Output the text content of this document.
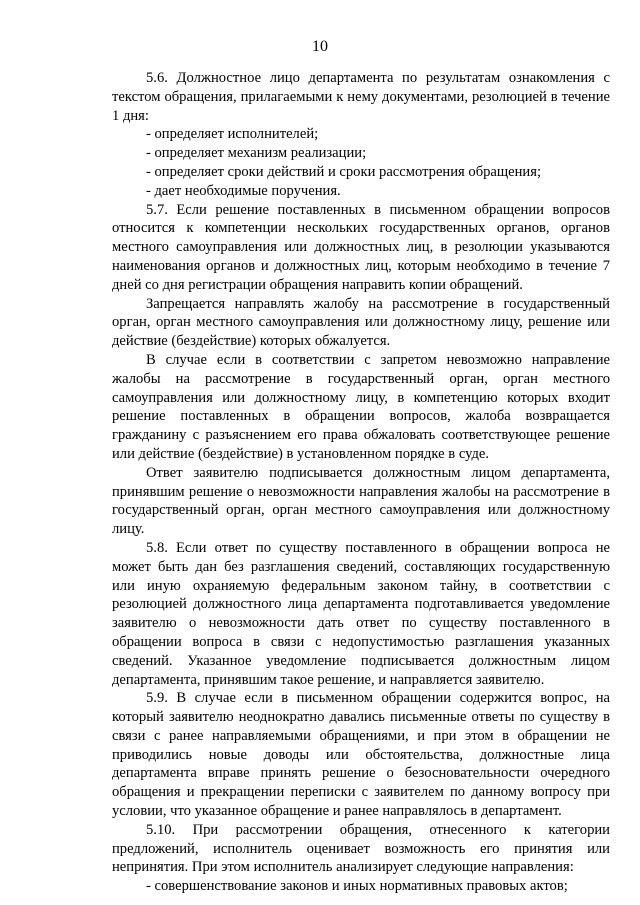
10

5.6. Должностное лицо департамента по результатам ознакомления с текстом обращения, прилагаемыми к нему документами, резолюцией в течение 1 дня:

- определяет исполнителей;

- определяет механизм реализации;

- определяет сроки действий и сроки рассмотрения обращения;

- дает необходимые поручения.

5.7. Если решение поставленных в письменном обращении вопросов относится к компетенции нескольких государственных органов, органов местного самоуправления или должностных лиц, в резолюции указываются наименования органов и должностных лиц, которым необходимо в течение 7 дней со дня регистрации обращения направить копии обращений.

Запрещается направлять жалобу на рассмотрение в государственный орган, орган местного самоуправления или должностному лицу, решение или действие (бездействие) которых обжалуется.

В случае если в соответствии с запретом невозможно направление жалобы на рассмотрение в государственный орган, орган местного самоуправления или должностному лицу, в компетенцию которых входит решение поставленных в обращении вопросов, жалоба возвращается гражданину с разъяснением его права обжаловать соответствующее решение или действие (бездействие) в установленном порядке в суде.

Ответ заявителю подписывается должностным лицом департамента, принявшим решение о невозможности направления жалобы на рассмотрение в государственный орган, орган местного самоуправления или должностному лицу.

5.8. Если ответ по существу поставленного в обращении вопроса не может быть дан без разглашения сведений, составляющих государственную или иную охраняемую федеральным законом тайну, в соответствии с резолюцией должностного лица департамента подготавливается уведомление заявителю о невозможности дать ответ по существу поставленного в обращении вопроса в связи с недопустимостью разглашения указанных сведений. Указанное уведомление подписывается должностным лицом департамента, принявшим такое решение, и направляется заявителю.

5.9. В случае если в письменном обращении содержится вопрос, на который заявителю неоднократно давались письменные ответы по существу в связи с ранее направляемыми обращениями, и при этом в обращении не приводились новые доводы или обстоятельства, должностные лица департамента вправе принять решение о безосновательности очередного обращения и прекращении переписки с заявителем по данному вопросу при условии, что указанное обращение и ранее направлялось в департамент.

5.10. При рассмотрении обращения, отнесенного к категории предложений, исполнитель оценивает возможность его принятия или непринятия. При этом исполнитель анализирует следующие направления:

- совершенствование законов и иных нормативных правовых актов;
